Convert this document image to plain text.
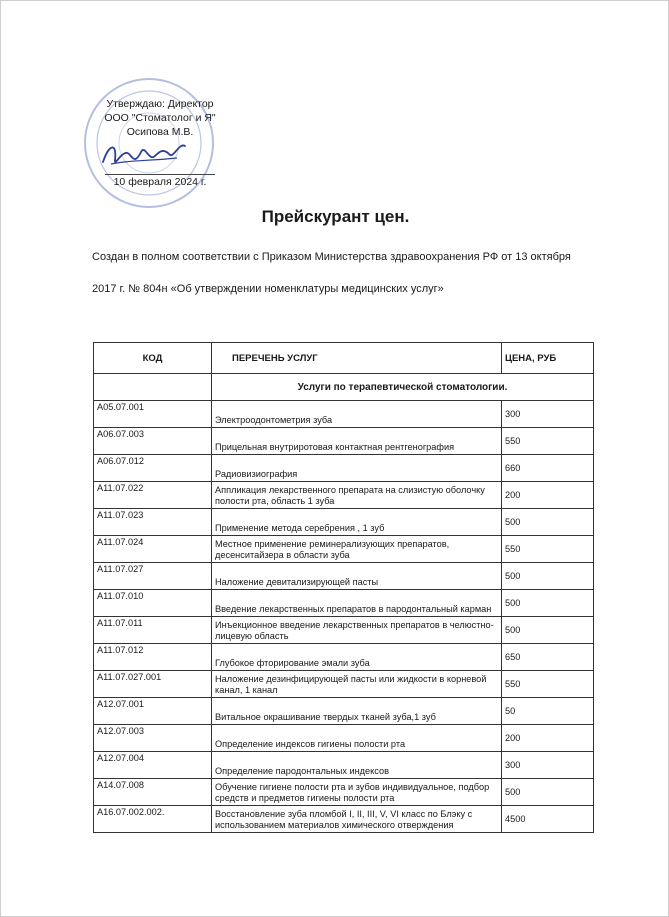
Утверждаю: Директор
ООО "Стоматолог и Я"
Осипова М.В.
10 февраля 2024 г.
Прейскурант цен.
Создан в полном соответствии с Приказом Министерства здравоохранения РФ от 13 октября 2017 г. № 804н «Об утверждении номенклатуры медицинских услуг»
КОД	ПЕРЕЧЕНЬ УСЛУГ	ЦЕНА, РУБ
	Услуги по терапевтической стоматологии.	
A05.07.001	Электроодонтометрия зуба	300
A06.07.003	Прицельная внутриротовая контактная рентгенография	550
A06.07.012	Радиовизиография	660
A11.07.022	Аппликация лекарственного препарата на слизистую оболочку полости рта, область 1 зуба	200
A11.07.023	Применение метода серебрения , 1 зуб	500
A11.07.024	Местное применение реминерализующих препаратов, десенситайзера в области зуба	550
A11.07.027	Наложение девитализирующей пасты	500
A11.07.010	Введение лекарственных препаратов в пародонтальный карман	500
A11.07.011	Инъекционное введение лекарственных препаратов в челюстно-лицевую область	500
A11.07.012	Глубокое фторирование эмали зуба	650
A11.07.027.001	Наложение дезинфицирующей пасты или жидкости в корневой канал, 1 канал	550
A12.07.001	Витальное окрашивание твердых тканей зуба,1 зуб	50
A12.07.003	Определение индексов гигиены полости рта	200
A12.07.004	Определение пародонтальных индексов	300
A14.07.008	Обучение гигиене полости рта и зубов индивидуальное, подбор средств и предметов гигиены полости рта	500
A16.07.002.002.	Восстановление зуба пломбой I, II, III, V, VI класс по Блэку с использованием материалов химического отверждения	4500
